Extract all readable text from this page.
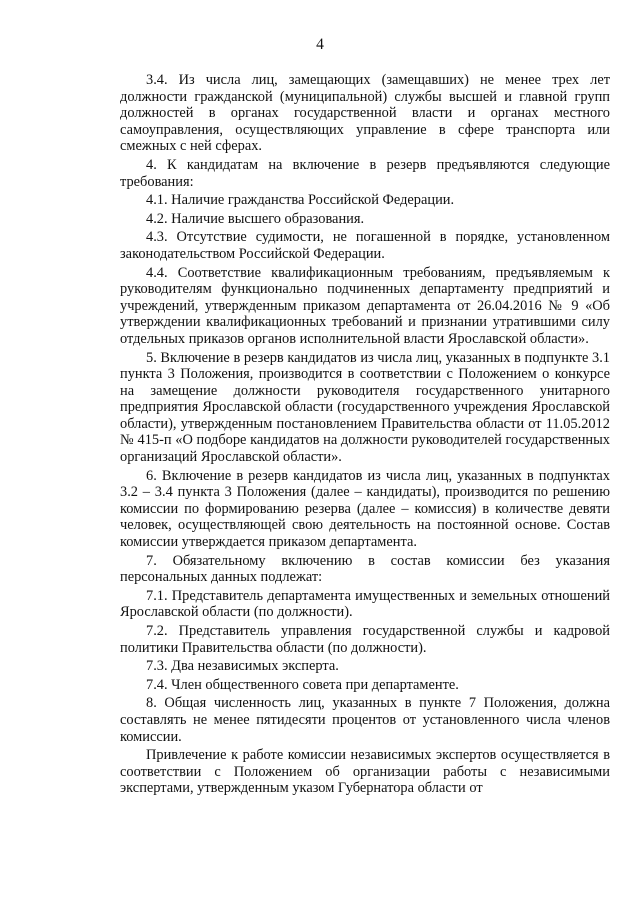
4

3.4. Из числа лиц, замещающих (замещавших) не менее трех лет должности гражданской (муниципальной) службы высшей и главной групп должностей в органах государственной власти и органах местного самоуправления, осуществляющих управление в сфере транспорта или смежных с ней сферах.

4. К кандидатам на включение в резерв предъявляются следующие требования:

4.1. Наличие гражданства Российской Федерации.

4.2. Наличие высшего образования.

4.3. Отсутствие судимости, не погашенной в порядке, установленном законодательством Российской Федерации.

4.4. Соответствие квалификационным требованиям, предъявляемым к руководителям функционально подчиненных департаменту предприятий и учреждений, утвержденным приказом департамента от 26.04.2016 № 9 «Об утверждении квалификационных требований и признании утратившими силу отдельных приказов органов исполнительной власти Ярославской области».

5. Включение в резерв кандидатов из числа лиц, указанных в подпункте 3.1 пункта 3 Положения, производится в соответствии с Положением о конкурсе на замещение должности руководителя государственного унитарного предприятия Ярославской области (государственного учреждения Ярославской области), утвержденным постановлением Правительства области от 11.05.2012 № 415-п «О подборе кандидатов на должности руководителей государственных организаций Ярославской области».

6. Включение в резерв кандидатов из числа лиц, указанных в подпунктах 3.2 – 3.4 пункта 3 Положения (далее – кандидаты), производится по решению комиссии по формированию резерва (далее – комиссия) в количестве девяти человек, осуществляющей свою деятельность на постоянной основе. Состав комиссии утверждается приказом департамента.

7. Обязательному включению в состав комиссии без указания персональных данных подлежат:

7.1. Представитель департамента имущественных и земельных отношений Ярославской области (по должности).

7.2. Представитель управления государственной службы и кадровой политики Правительства области (по должности).

7.3. Два независимых эксперта.

7.4. Член общественного совета при департаменте.

8. Общая численность лиц, указанных в пункте 7 Положения, должна составлять не менее пятидесяти процентов от установленного числа членов комиссии.

Привлечение к работе комиссии независимых экспертов осуществляется в соответствии с Положением об организации работы с независимыми экспертами, утвержденным указом Губернатора области от
